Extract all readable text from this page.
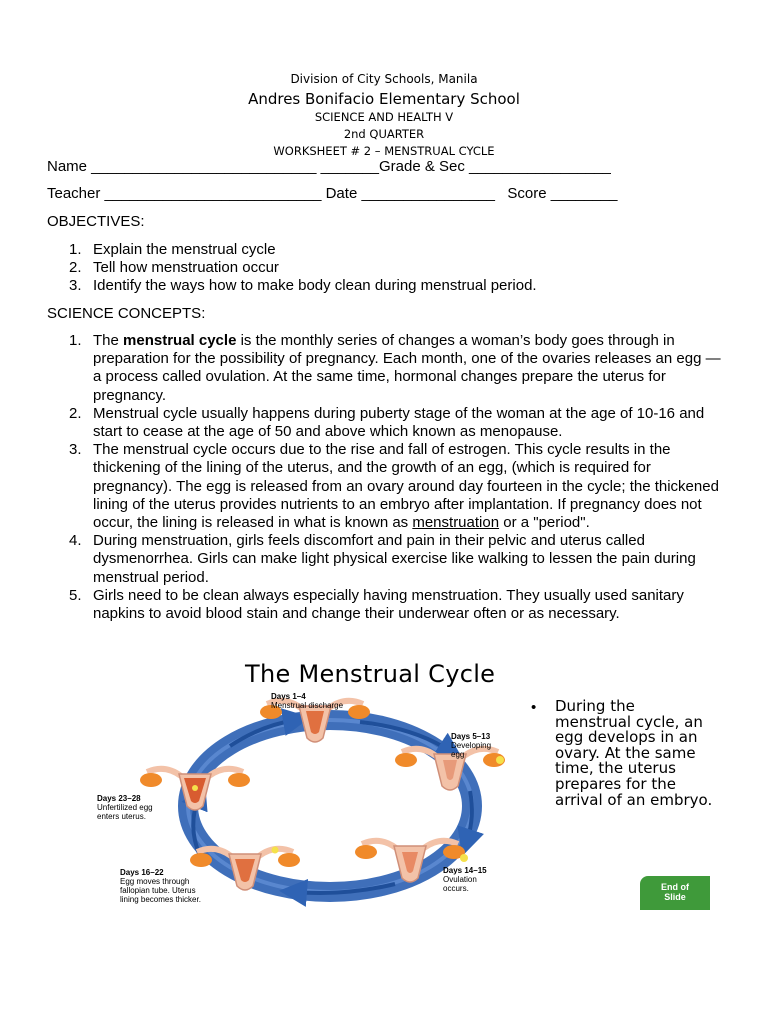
Division of City Schools, Manila
Andres Bonifacio Elementary School
SCIENCE AND HEALTH V
2nd QUARTER
WORKSHEET # 2 – MENSTRUAL CYCLE
Name ___________________________ _______Grade & Sec _________________
Teacher __________________________ Date ________________   Score ________
OBJECTIVES:
1. Explain the menstrual cycle
2. Tell how menstruation occur
3. Identify the ways how to make body clean during menstrual period.
SCIENCE CONCEPTS:
1. The menstrual cycle is the monthly series of changes a woman’s body goes through in preparation for the possibility of pregnancy. Each month, one of the ovaries releases an egg — a process called ovulation. At the same time, hormonal changes prepare the uterus for pregnancy.
2. Menstrual cycle usually happens during puberty stage of the woman at the age of 10-16 and start to cease at the age of 50 and above which known as menopause.
3. The menstrual cycle occurs due to the rise and fall of estrogen. This cycle results in the thickening of the lining of the uterus, and the growth of an egg, (which is required for pregnancy). The egg is released from an ovary around day fourteen in the cycle; the thickened lining of the uterus provides nutrients to an embryo after implantation. If pregnancy does not occur, the lining is released in what is known as menstruation or a "period".
4. During menstruation, girls feels discomfort and pain in their pelvic and uterus called dysmenorrhea. Girls can make light physical exercise like walking to lessen the pain during menstrual period.
5. Girls need to be clean always especially having menstruation. They usually used sanitary napkins to avoid blood stain and change their underwear often or as necessary.
The Menstrual Cycle
Days 1–4
Menstrual discharge
Days 5–13
Developing
egg
Days 14–15
Ovulation
occurs.
Days 16–22
Egg moves through
fallopian tube. Uterus
lining becomes thicker.
Days 23–28
Unfertilized egg
enters uterus.
• During the menstrual cycle, an egg develops in an ovary. At the same time, the uterus prepares for the arrival of an embryo.
End of
Slide
